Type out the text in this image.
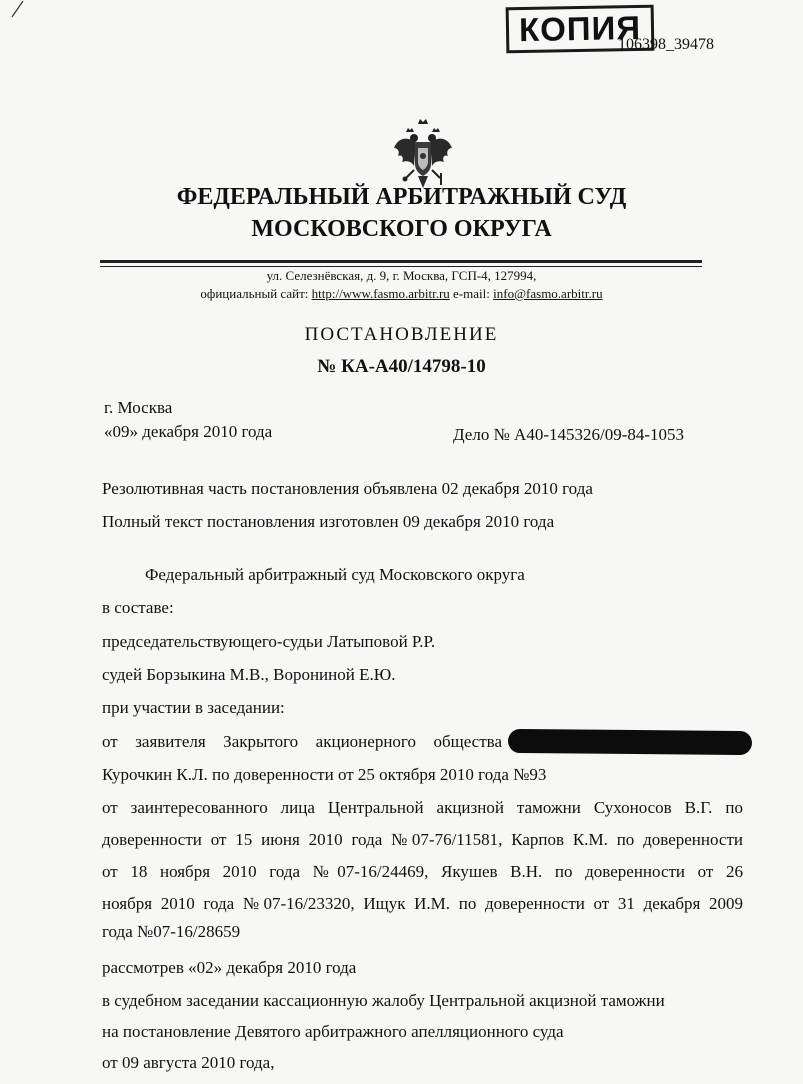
КОПИЯ
106398_39478
ФЕДЕРАЛЬНЫЙ АРБИТРАЖНЫЙ СУД
МОСКОВСКОГО ОКРУГА
ул. Селезнёвская, д. 9, г. Москва, ГСП-4, 127994,
официальный сайт: http://www.fasmo.arbitr.ru e-mail: info@fasmo.arbitr.ru
ПОСТАНОВЛЕНИЕ
№ КА-А40/14798-10
г. Москва
«09» декабря 2010 года	Дело № А40-145326/09-84-1053
Резолютивная часть постановления объявлена 02 декабря 2010 года
Полный текст постановления изготовлен 09 декабря 2010 года
Федеральный арбитражный суд Московского округа
в составе:
председательствующего-судьи Латыповой Р.Р.
судей Борзыкина М.В., Ворониной Е.Ю.
при участии в заседании:
от заявителя Закрытого акционерного общества
Курочкин К.Л. по доверенности от 25 октября 2010 года №93
от заинтересованного лица Центральной акцизной таможни Сухоносов В.Г. по
доверенности от 15 июня 2010 года №07-76/11581, Карпов К.М. по доверенности
от 18 ноября 2010 года №07-16/24469, Якушев В.Н. по доверенности от 26
ноября 2010 года №07-16/23320, Ищук И.М. по доверенности от 31 декабря 2009
года №07-16/28659
рассмотрев «02» декабря 2010 года
в судебном заседании кассационную жалобу Центральной акцизной таможни
на постановление Девятого арбитражного апелляционного суда
от 09 августа 2010 года,
